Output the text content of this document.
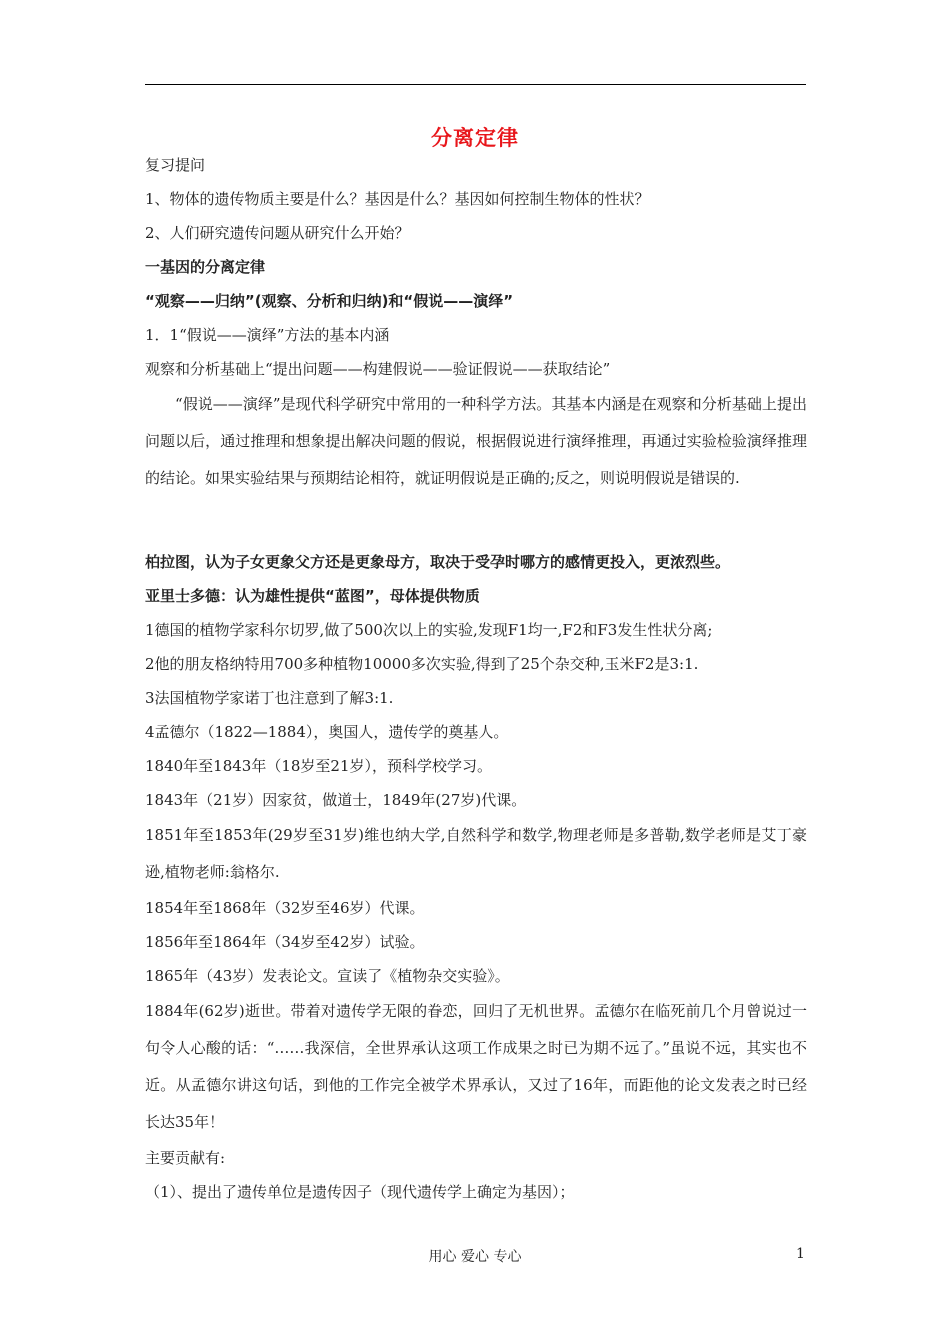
分离定律
复习提问
1、物体的遗传物质主要是什么？基因是什么？基因如何控制生物体的性状？
2、人们研究遗传问题从研究什么开始？
一基因的分离定律
“观察——归纳”(观察、分析和归纳)和“假说——演绎”
1．1“假说——演绎”方法的基本内涵
观察和分析基础上“提出问题——构建假说——验证假说——获取结论”
“假说——演绎”是现代科学研究中常用的一种科学方法。其基本内涵是在观察和分析基础上提出问题以后，通过推理和想象提出解决问题的假说，根据假说进行演绎推理，再通过实验检验演绎推理的结论。如果实验结果与预期结论相符，就证明假说是正确的;反之，则说明假说是错误的.
柏拉图，认为子女更象父方还是更象母方，取决于受孕时哪方的感情更投入，更浓烈些。
亚里士多德：认为雄性提供“蓝图”，母体提供物质
1德国的植物学家科尔切罗,做了500次以上的实验,发现F1均一,F2和F3发生性状分离;
2他的朋友格纳特用700多种植物10000多次实验,得到了25个杂交种,玉米F2是3:1.
3法国植物学家诺丁也注意到了解3:1.
4孟德尔（1822—1884），奥国人，遗传学的奠基人。
1840年至1843年（18岁至21岁），预科学校学习。
1843年（21岁）因家贫，做道士，1849年(27岁)代课。
1851年至1853年(29岁至31岁)维也纳大学,自然科学和数学,物理老师是多普勒,数学老师是艾丁豪逊,植物老师:翁格尔.
1854年至1868年（32岁至46岁）代课。
1856年至1864年（34岁至42岁）试验。
1865年（43岁）发表论文。宣读了《植物杂交实验》。
1884年(62岁)逝世。带着对遗传学无限的眷恋，回归了无机世界。孟德尔在临死前几个月曾说过一句令人心酸的话：“……我深信，全世界承认这项工作成果之时已为期不远了。”虽说不远，其实也不近。从孟德尔讲这句话，到他的工作完全被学术界承认，又过了16年，而距他的论文发表之时已经长达35年！
主要贡献有:
（1）、提出了遗传单位是遗传因子（现代遗传学上确定为基因）；
用心 爱心 专心	1
